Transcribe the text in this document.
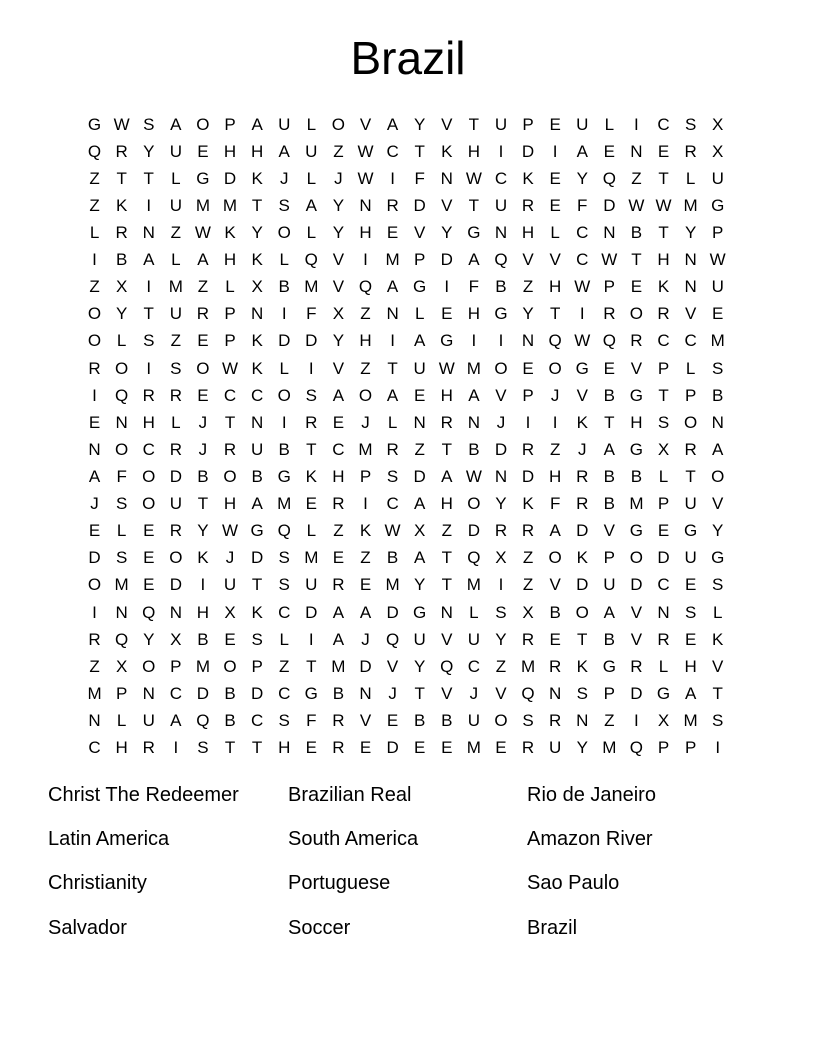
Brazil
G W S A O P A U L O V A Y V T U P E U L	I	C S X
Q R Y U E H H A U Z W C T K H	I	D	I	A E N E R X
Z T T	L G D K	J	L	J W I	F N W C K E Y Q Z T	L U
Z K	I	U M M T S A Y N R D V T U R E F D W W M G
L R N Z W K Y O L Y H E V Y G N H L C N B T Y P
I	B A L A H K L Q V	I	M P D A Q V V C W T H N W
Z X	I	M Z	L X B M V Q A G	I	F B Z H W P E K N U
O Y T U R P N	I	F X Z N L E H G Y T	I	R O R V E
O L S Z E P K D D Y H	I	A G	I	I	N Q W Q R C C M
R O	I	S O W K L	I	V Z T U W M O E O G E V P L S
I	Q R R E C C O S A O A E H A V P	J	V B G T P B
E N H L	J	T N	I	R E	J	L N R N J	I	I	K T H S O N
N O C R J R U B T C M R Z T B D R Z	J	A G X R A
A F O D B O B G K H P S D A W N D H R B B L	T O
J	S O U T H A M E R	I	C A H O Y K F R B M P U V
E L E R Y W G Q L	Z K W X Z D R R A D V G E G Y
D S E O K	J D S M E Z B A T Q X Z O K P O D U G
O M E D	I	U T S U R E M Y T M	I	Z V D U D C E S
I	N Q N H X K C D A A D G N L S X B O A V N S L
R Q Y X B E S L	I	A	J Q U V U Y R E T B V R E K
Z X O P M O P Z T M D V Y Q C Z M R K G R L H V
M P N C D B D C G B N J	T V	J	V Q N S P D G A T
N L U A Q B C S F R V E B B U O S R N Z	I	X M S
C H R	I	S T T H E R E D E E M E R U Y M Q P P	I
Christ The Redeemer
Latin America
Christianity
Salvador
Brazilian Real
South America
Portuguese
Soccer
Rio de Janeiro
Amazon River
Sao Paulo
Brazil
